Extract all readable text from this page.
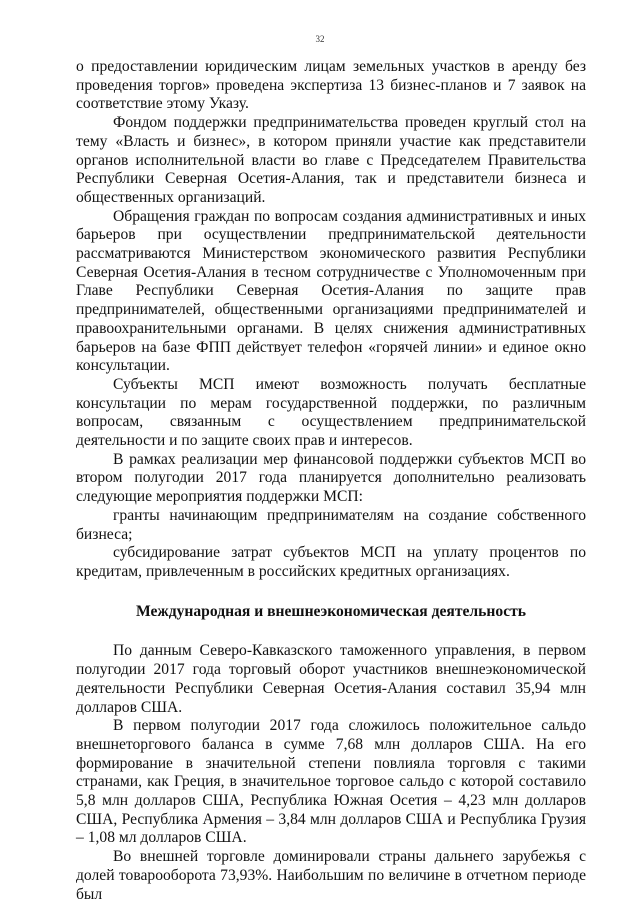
32

о предоставлении юридическим лицам земельных участков в аренду без проведения торгов» проведена экспертиза 13 бизнес-планов и 7 заявок на соответствие этому Указу.

Фондом поддержки предпринимательства проведен круглый стол на тему «Власть и бизнес», в котором приняли участие как представители органов исполнительной власти во главе с Председателем Правительства Республики Северная Осетия-Алания, так и представители бизнеса и общественных организаций.

Обращения граждан по вопросам создания административных и иных барьеров при осуществлении предпринимательской деятельности рассматриваются Министерством экономического развития Республики Северная Осетия-Алания в тесном сотрудничестве с Уполномоченным при Главе Республики Северная Осетия-Алания по защите прав предпринимателей, общественными организациями предпринимателей и правоохранительными органами. В целях снижения административных барьеров на базе ФПП действует телефон «горячей линии» и единое окно консультации.

Субъекты МСП имеют возможность получать бесплатные консультации по мерам государственной поддержки, по различным вопросам, связанным с осуществлением предпринимательской деятельности и по защите своих прав и интересов.

В рамках реализации мер финансовой поддержки субъектов МСП во втором полугодии 2017 года планируется дополнительно реализовать следующие мероприятия поддержки МСП:

гранты начинающим предпринимателям на создание собственного бизнеса;

субсидирование затрат субъектов МСП на уплату процентов по кредитам, привлеченным в российских кредитных организациях.

Международная и внешнеэкономическая деятельность

По данным Северо-Кавказского таможенного управления, в первом полугодии 2017 года торговый оборот участников внешнеэкономической деятельности Республики Северная Осетия-Алания составил 35,94 млн долларов США.

В первом полугодии 2017 года сложилось положительное сальдо внешнеторгового баланса в сумме 7,68 млн долларов США. На его формирование в значительной степени повлияла торговля с такими странами, как Греция, в значительное торговое сальдо с которой составило 5,8 млн долларов США, Республика Южная Осетия – 4,23 млн долларов США, Республика Армения – 3,84 млн долларов США и Республика Грузия – 1,08 мл долларов США.

Во внешней торговле доминировали страны дальнего зарубежья с долей товарооборота 73,93%. Наибольшим по величине в отчетном периоде был
